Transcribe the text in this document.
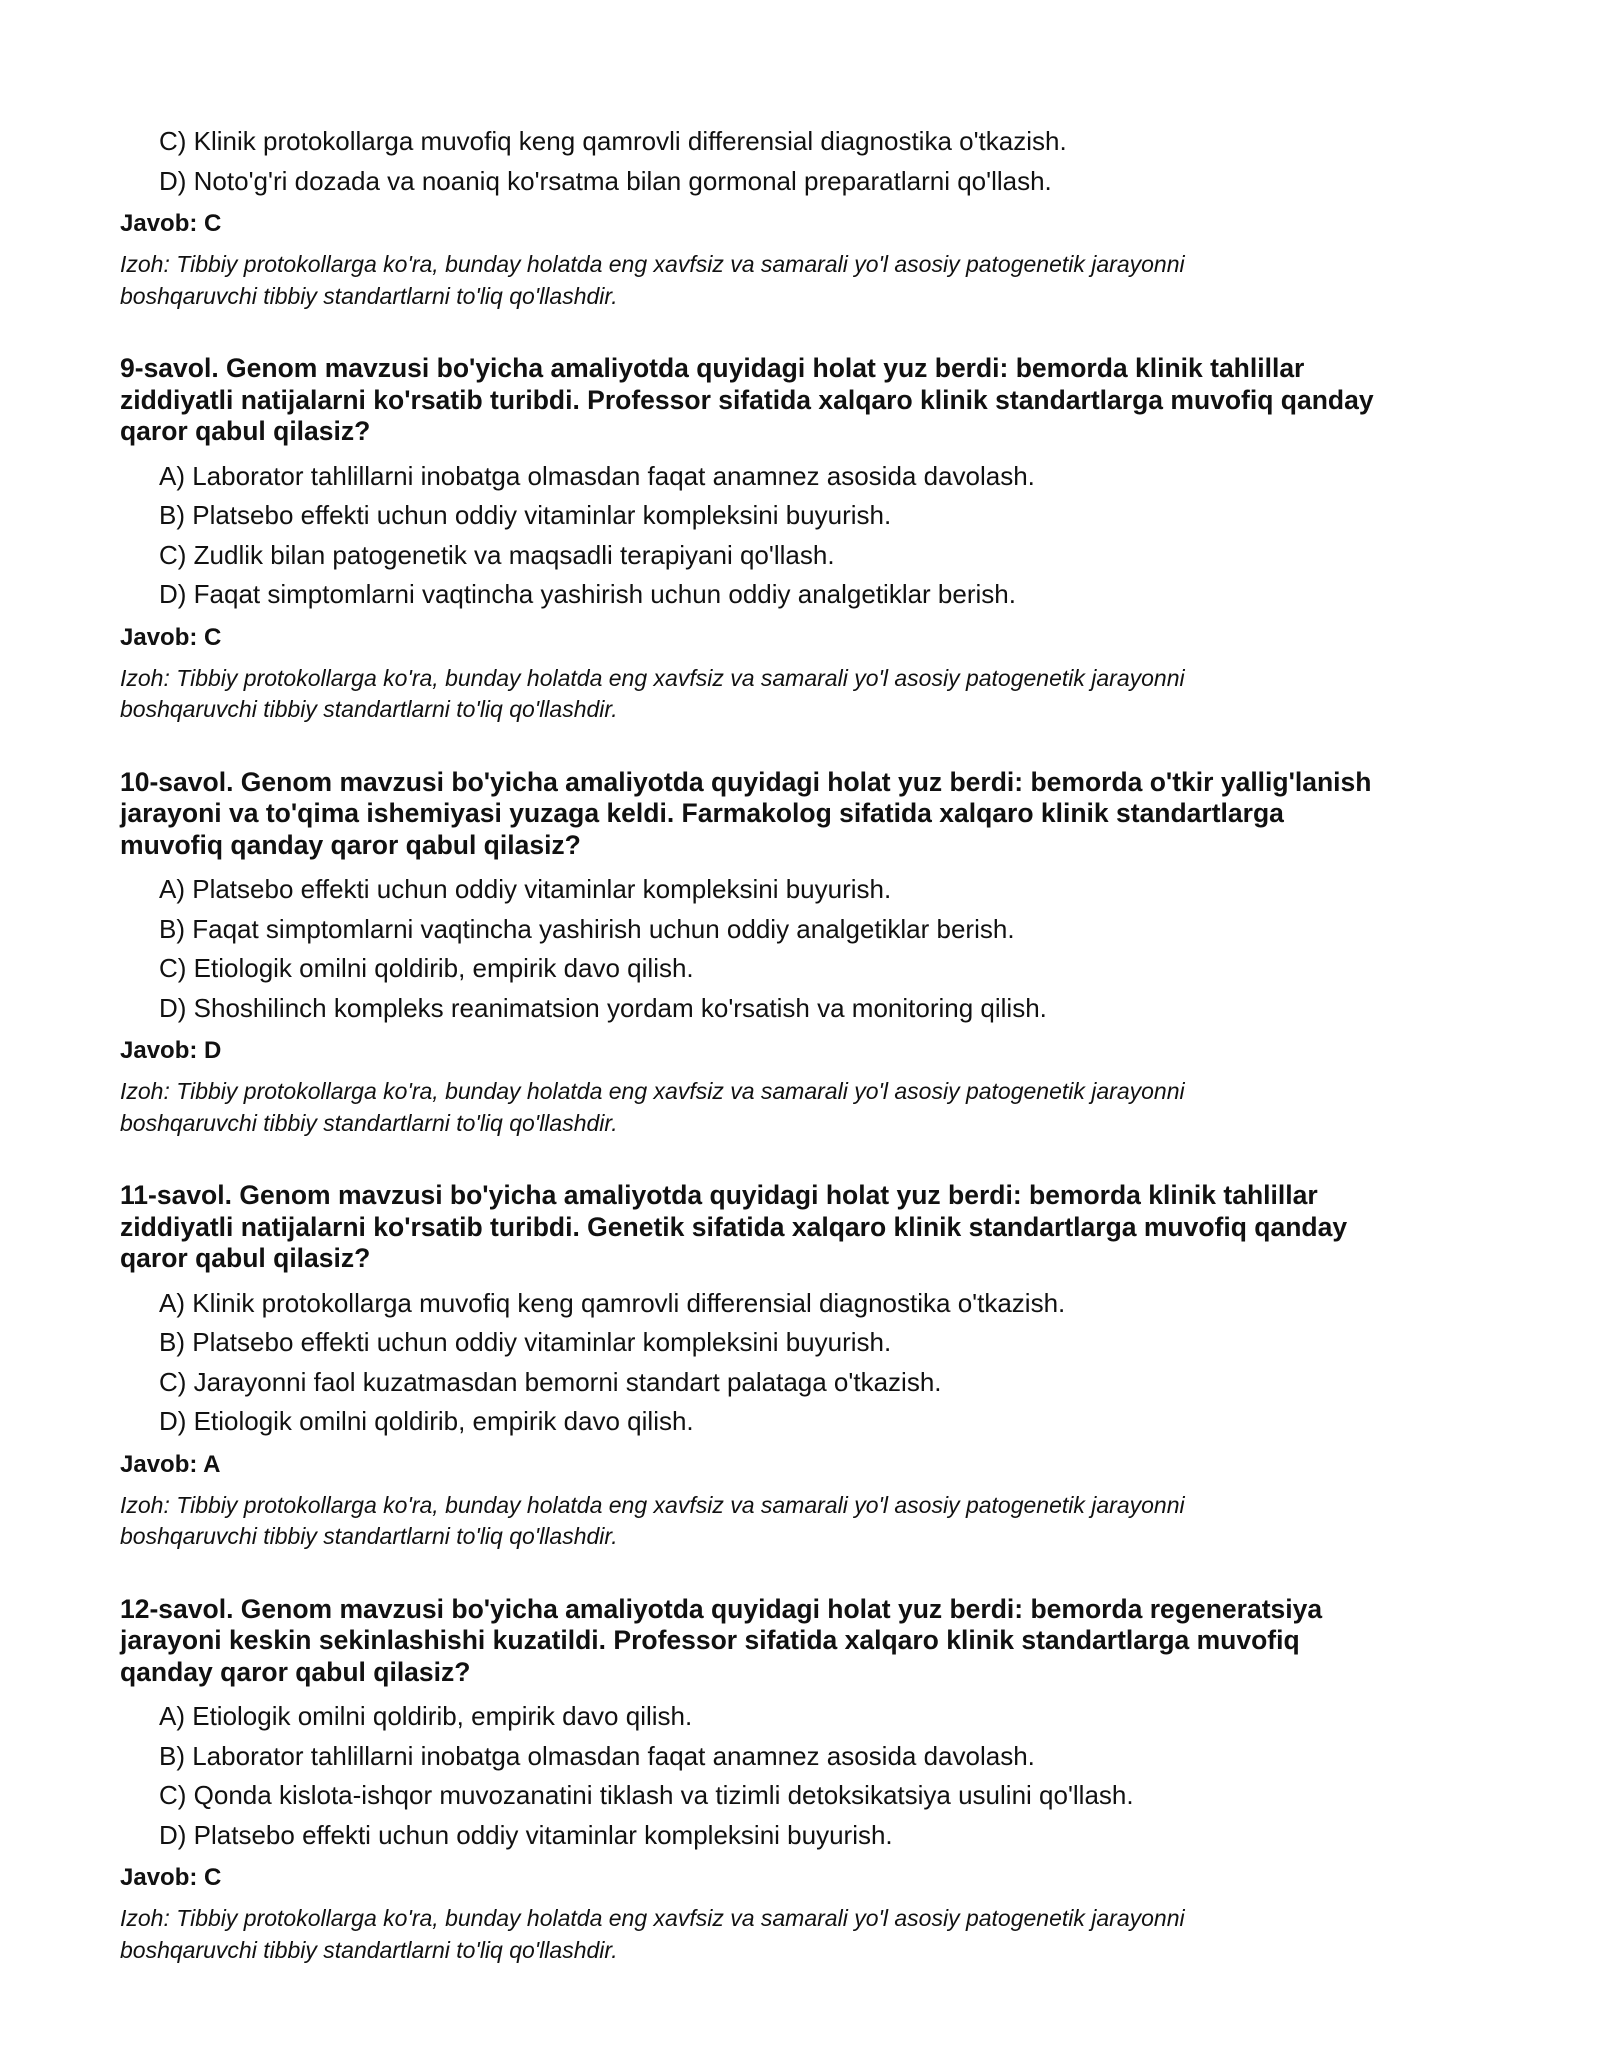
C) Klinik protokollarga muvofiq keng qamrovli differensial diagnostika o'tkazish.
D) Noto'g'ri dozada va noaniq ko'rsatma bilan gormonal preparatlarni qo'llash.
Javob: C
Izoh: Tibbiy protokollarga ko'ra, bunday holatda eng xavfsiz va samarali yo'l asosiy patogenetik jarayonni
boshqaruvchi tibbiy standartlarni to'liq qo'llashdir.
9-savol. Genom mavzusi bo'yicha amaliyotda quyidagi holat yuz berdi: bemorda klinik tahlillar
ziddiyatli natijalarni ko'rsatib turibdi. Professor sifatida xalqaro klinik standartlarga muvofiq qanday
qaror qabul qilasiz?
A) Laborator tahlillarni inobatga olmasdan faqat anamnez asosida davolash.
B) Platsebo effekti uchun oddiy vitaminlar kompleksini buyurish.
C) Zudlik bilan patogenetik va maqsadli terapiyani qo'llash.
D) Faqat simptomlarni vaqtincha yashirish uchun oddiy analgetiklar berish.
Javob: C
Izoh: Tibbiy protokollarga ko'ra, bunday holatda eng xavfsiz va samarali yo'l asosiy patogenetik jarayonni
boshqaruvchi tibbiy standartlarni to'liq qo'llashdir.
10-savol. Genom mavzusi bo'yicha amaliyotda quyidagi holat yuz berdi: bemorda o'tkir yallig'lanish
jarayoni va to'qima ishemiyasi yuzaga keldi. Farmakolog sifatida xalqaro klinik standartlarga
muvofiq qanday qaror qabul qilasiz?
A) Platsebo effekti uchun oddiy vitaminlar kompleksini buyurish.
B) Faqat simptomlarni vaqtincha yashirish uchun oddiy analgetiklar berish.
C) Etiologik omilni qoldirib, empirik davo qilish.
D) Shoshilinch kompleks reanimatsion yordam ko'rsatish va monitoring qilish.
Javob: D
Izoh: Tibbiy protokollarga ko'ra, bunday holatda eng xavfsiz va samarali yo'l asosiy patogenetik jarayonni
boshqaruvchi tibbiy standartlarni to'liq qo'llashdir.
11-savol. Genom mavzusi bo'yicha amaliyotda quyidagi holat yuz berdi: bemorda klinik tahlillar
ziddiyatli natijalarni ko'rsatib turibdi. Genetik sifatida xalqaro klinik standartlarga muvofiq qanday
qaror qabul qilasiz?
A) Klinik protokollarga muvofiq keng qamrovli differensial diagnostika o'tkazish.
B) Platsebo effekti uchun oddiy vitaminlar kompleksini buyurish.
C) Jarayonni faol kuzatmasdan bemorni standart palataga o'tkazish.
D) Etiologik omilni qoldirib, empirik davo qilish.
Javob: A
Izoh: Tibbiy protokollarga ko'ra, bunday holatda eng xavfsiz va samarali yo'l asosiy patogenetik jarayonni
boshqaruvchi tibbiy standartlarni to'liq qo'llashdir.
12-savol. Genom mavzusi bo'yicha amaliyotda quyidagi holat yuz berdi: bemorda regeneratsiya
jarayoni keskin sekinlashishi kuzatildi. Professor sifatida xalqaro klinik standartlarga muvofiq
qanday qaror qabul qilasiz?
A) Etiologik omilni qoldirib, empirik davo qilish.
B) Laborator tahlillarni inobatga olmasdan faqat anamnez asosida davolash.
C) Qonda kislota-ishqor muvozanatini tiklash va tizimli detoksikatsiya usulini qo'llash.
D) Platsebo effekti uchun oddiy vitaminlar kompleksini buyurish.
Javob: C
Izoh: Tibbiy protokollarga ko'ra, bunday holatda eng xavfsiz va samarali yo'l asosiy patogenetik jarayonni
boshqaruvchi tibbiy standartlarni to'liq qo'llashdir.
